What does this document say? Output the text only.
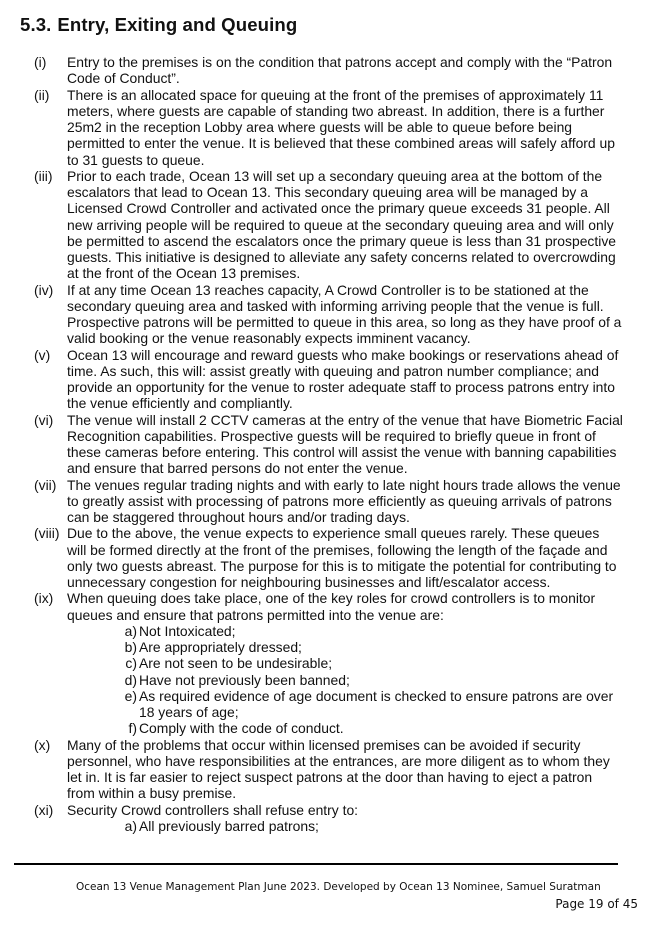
5.3. Entry, Exiting and Queuing
(i)	Entry to the premises is on the condition that patrons accept and comply with the “Patron

Code of Conduct”.

(ii)	There is an allocated space for queuing at the front of the premises of approximately 11

meters, where guests are capable of standing two abreast. In addition, there is a further

25m2 in the reception Lobby area where guests will be able to queue before being

permitted to enter the venue. It is believed that these combined areas will safely afford up

to 31 guests to queue.

(iii)	Prior to each trade, Ocean 13 will set up a secondary queuing area at the bottom of the

escalators that lead to Ocean 13. This secondary queuing area will be managed by a

Licensed Crowd Controller and activated once the primary queue exceeds 31 people. All

new arriving people will be required to queue at the secondary queuing area and will only

be permitted to ascend the escalators once the primary queue is less than 31 prospective

guests. This initiative is designed to alleviate any safety concerns related to overcrowding

at the front of the Ocean 13 premises.

(iv) If at any time Ocean 13 reaches capacity, A Crowd Controller is to be stationed at the

secondary queuing area and tasked with informing arriving people that the venue is full.

Prospective patrons will be permitted to queue in this area, so long as they have proof of a

valid booking or the venue reasonably expects imminent vacancy.

(v)	Ocean 13 will encourage and reward guests who make bookings or reservations ahead of

time. As such, this will: assist greatly with queuing and patron number compliance; and

provide an opportunity for the venue to roster adequate staff to process patrons entry into

the venue efficiently and compliantly.

(vi) The venue will install 2 CCTV cameras at the entry of the venue that have Biometric Facial

Recognition capabilities. Prospective guests will be required to briefly queue in front of

these cameras before entering. This control will assist the venue with banning capabilities

and ensure that barred persons do not enter the venue.

(vii) The venues regular trading nights and with early to late night hours trade allows the venue

to greatly assist with processing of patrons more efficiently as queuing arrivals of patrons

can be staggered throughout hours and/or trading days.

(viii) Due to the above, the venue expects to experience small queues rarely. These queues

will be formed directly at the front of the premises, following the length of the façade and

only two guests abreast. The purpose for this is to mitigate the potential for contributing to

unnecessary congestion for neighbouring businesses and lift/escalator access.

(ix) When queuing does take place, one of the key roles for crowd controllers is to monitor

queues and ensure that patrons permitted into the venue are:

a) Not Intoxicated;

b) Are appropriately dressed;

c) Are not seen to be undesirable;

d) Have not previously been banned;

e) As required evidence of age document is checked to ensure patrons are over

18 years of age;

f) Comply with the code of conduct.

(x)	Many of the problems that occur within licensed premises can be avoided if security

personnel, who have responsibilities at the entrances, are more diligent as to whom they

let in. It is far easier to reject suspect patrons at the door than having to eject a patron

from within a busy premise.

(xi) Security Crowd controllers shall refuse entry to:

a) All previously barred patrons;

Ocean 13 Venue Management Plan June 2023. Developed by Ocean 13 Nominee, Samuel Suratman
Page 19 of 45
